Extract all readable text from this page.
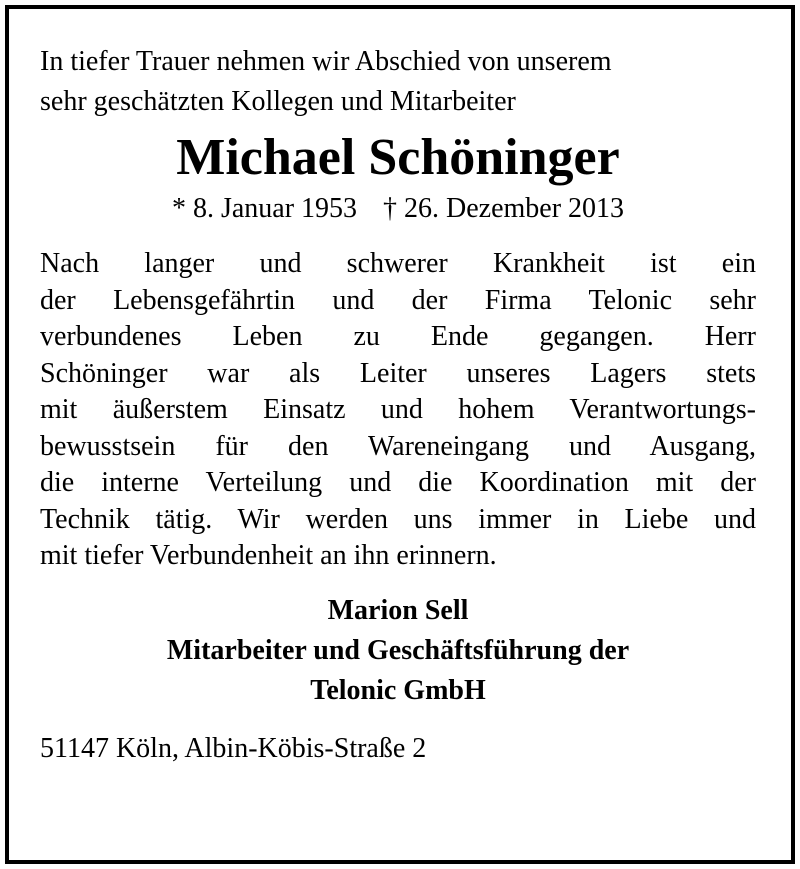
In tiefer Trauer nehmen wir Abschied von unserem
sehr geschätzten Kollegen und Mitarbeiter

Michael Schöninger

* 8. Januar 1953 † 26. Dezember 2013

Nach langer und schwerer Krankheit ist ein
der Lebensgefährtin und der Firma Telonic sehr
verbundenes Leben zu Ende gegangen. Herr
Schöninger war als Leiter unseres Lagers stets
mit äußerstem Einsatz und hohem Verantwortungs-
bewusstsein für den Wareneingang und Ausgang,
die interne Verteilung und die Koordination mit der
Technik tätig. Wir werden uns immer in Liebe und
mit tiefer Verbundenheit an ihn erinnern.
Marion Sell
Mitarbeiter und Geschäftsführung der
Telonic GmbH

51147 Köln, Albin-Köbis-Straße 2
